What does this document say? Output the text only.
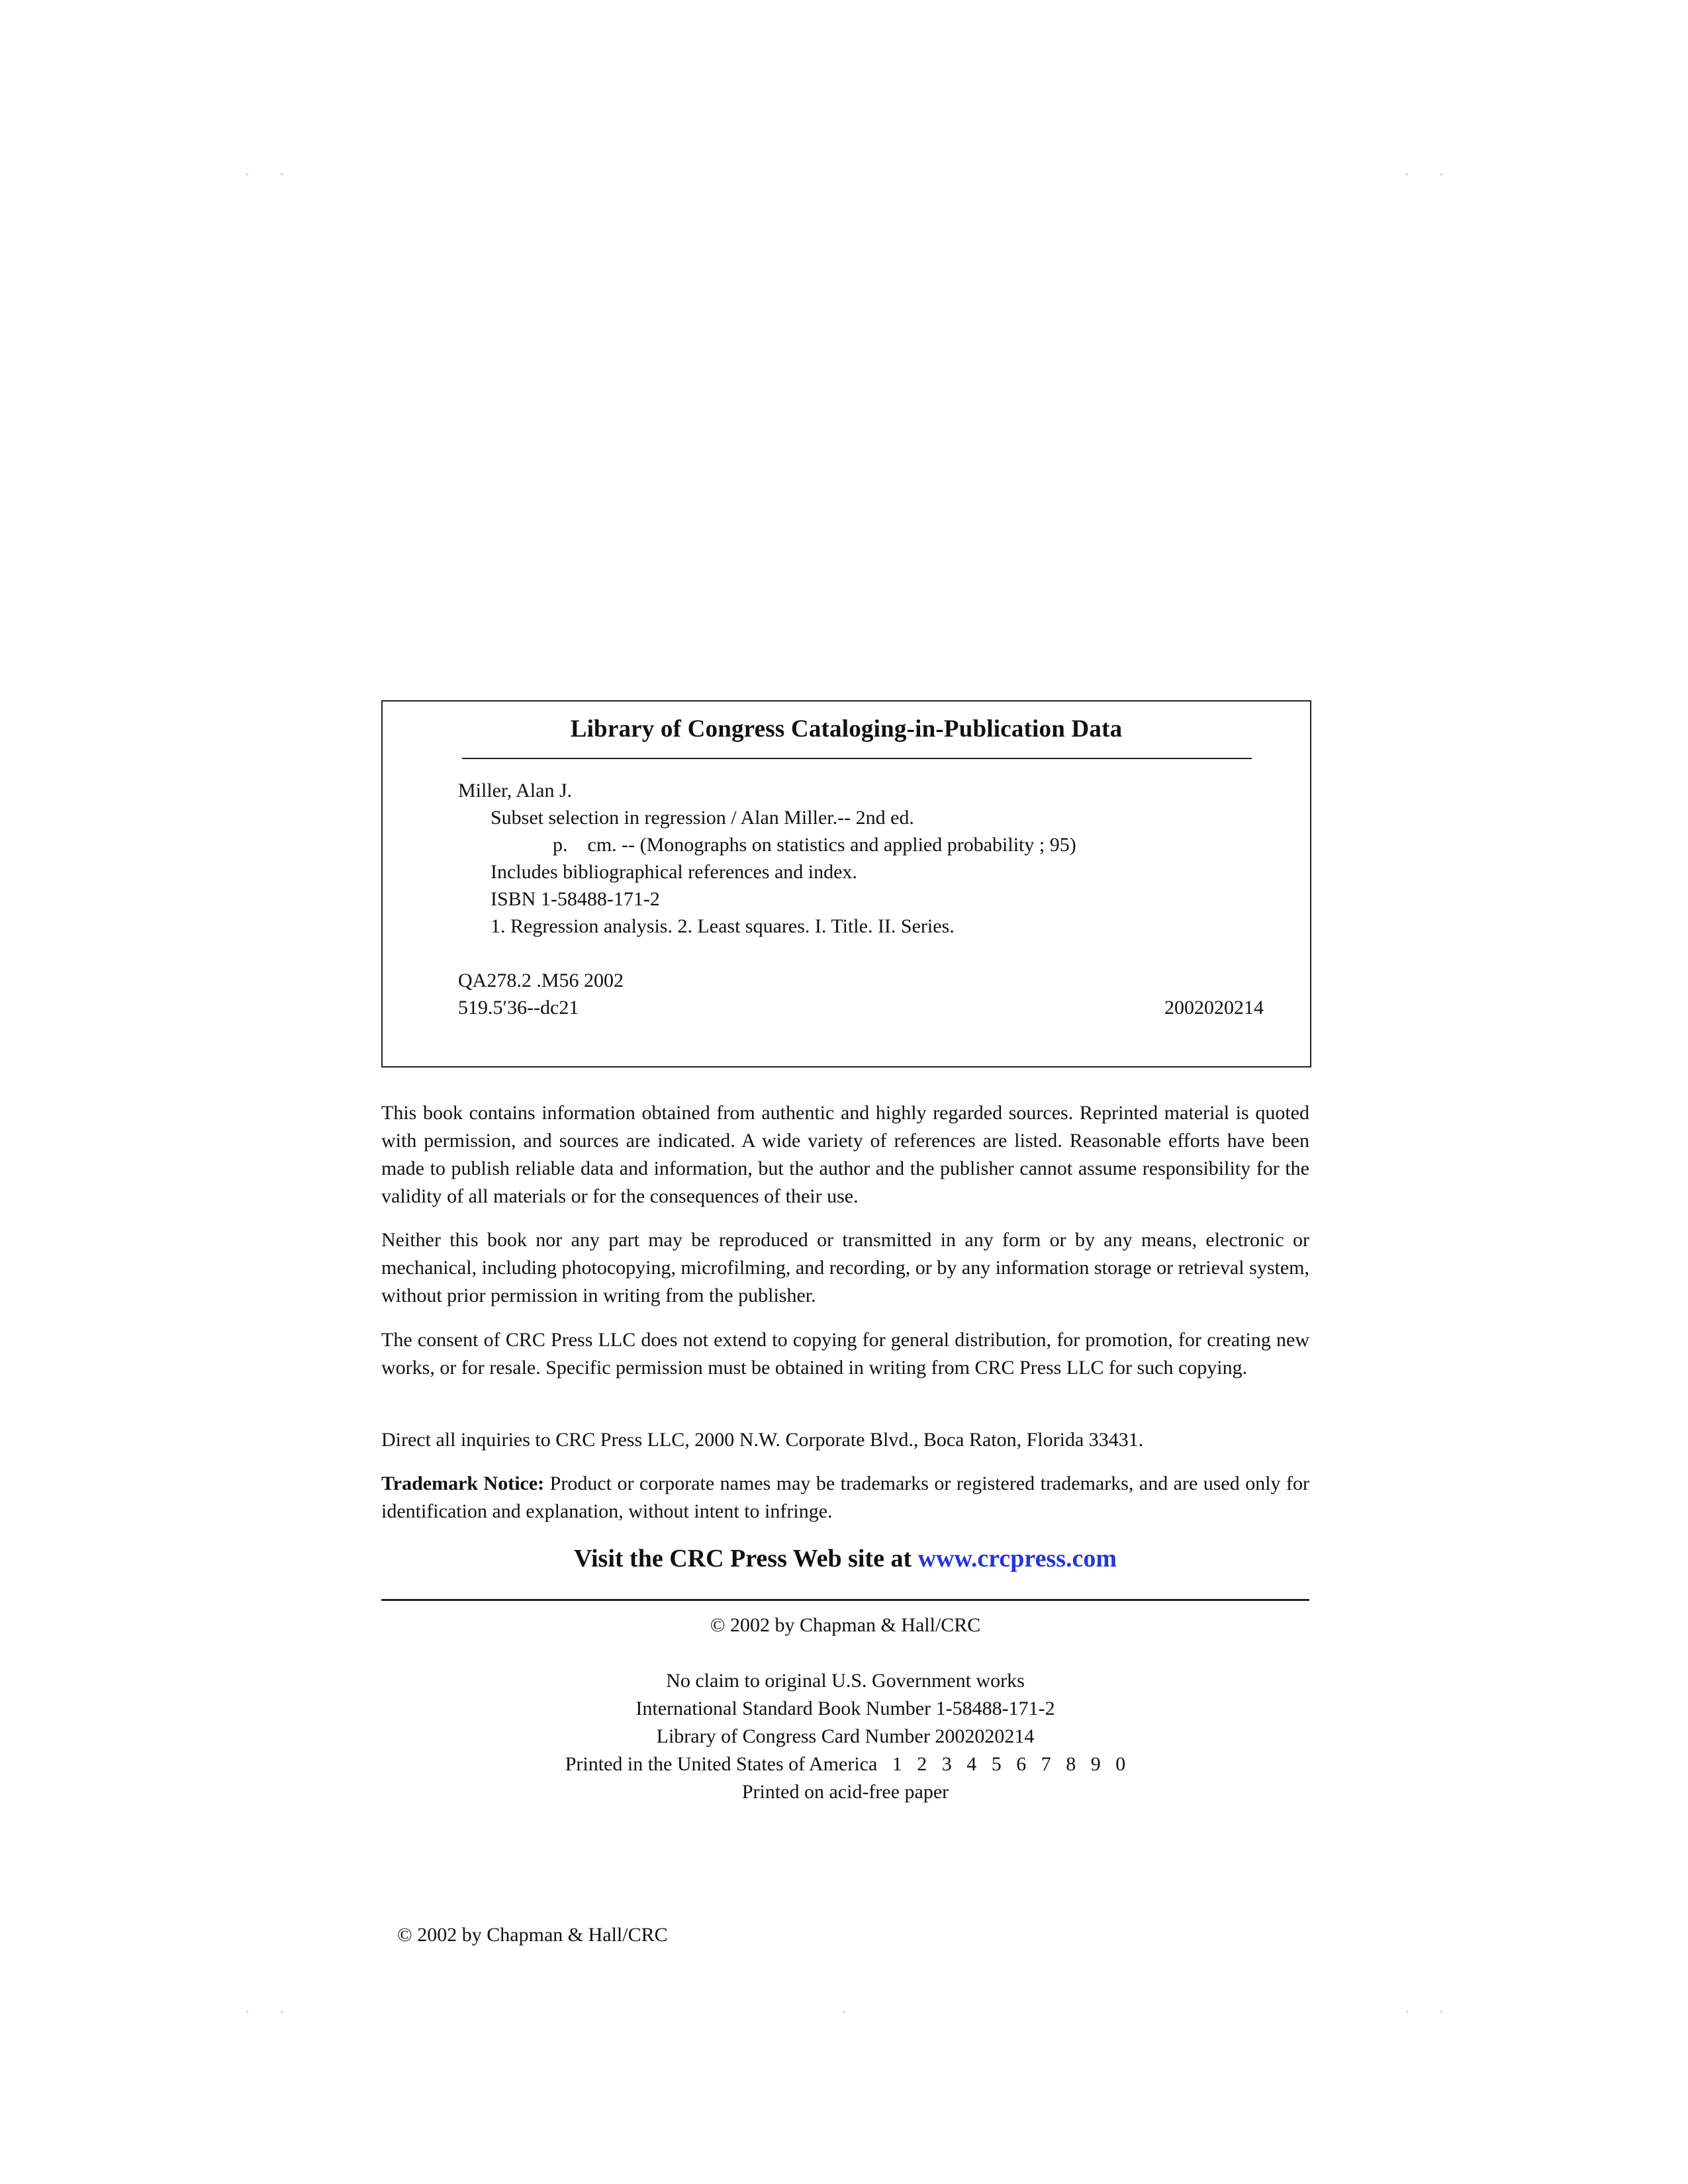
Library of Congress Cataloging-in-Publication Data
Miller, Alan J.
Subset selection in regression / Alan Miller.-- 2nd ed.
p.    cm. -- (Monographs on statistics and applied probability ; 95)
Includes bibliographical references and index.
ISBN 1-58488-171-2
1. Regression analysis. 2. Least squares. I. Title. II. Series.
QA278.2 .M56 2002
519.5′36--dc21	2002020214

This book contains information obtained from authentic and highly regarded sources. Reprinted material is quoted with permission, and sources are indicated. A wide variety of references are listed. Reasonable efforts have been made to publish reliable data and information, but the author and the publisher cannot assume responsibility for the validity of all materials or for the consequences of their use.

Neither this book nor any part may be reproduced or transmitted in any form or by any means, electronic or mechanical, including photocopying, microfilming, and recording, or by any information storage or retrieval system, without prior permission in writing from the publisher.

The consent of CRC Press LLC does not extend to copying for general distribution, for promotion, for creating new works, or for resale. Specific permission must be obtained in writing from CRC Press LLC for such copying.

Direct all inquiries to CRC Press LLC, 2000 N.W. Corporate Blvd., Boca Raton, Florida 33431.

Trademark Notice: Product or corporate names may be trademarks or registered trademarks, and are used only for identification and explanation, without intent to infringe.

Visit the CRC Press Web site at www.crcpress.com
© 2002 by Chapman & Hall/CRC
No claim to original U.S. Government works
International Standard Book Number 1-58488-171-2
Library of Congress Card Number 2002020214
Printed in the United States of America   1   2   3   4   5   6   7   8   9   0
Printed on acid-free paper
© 2002 by Chapman & Hall/CRC
